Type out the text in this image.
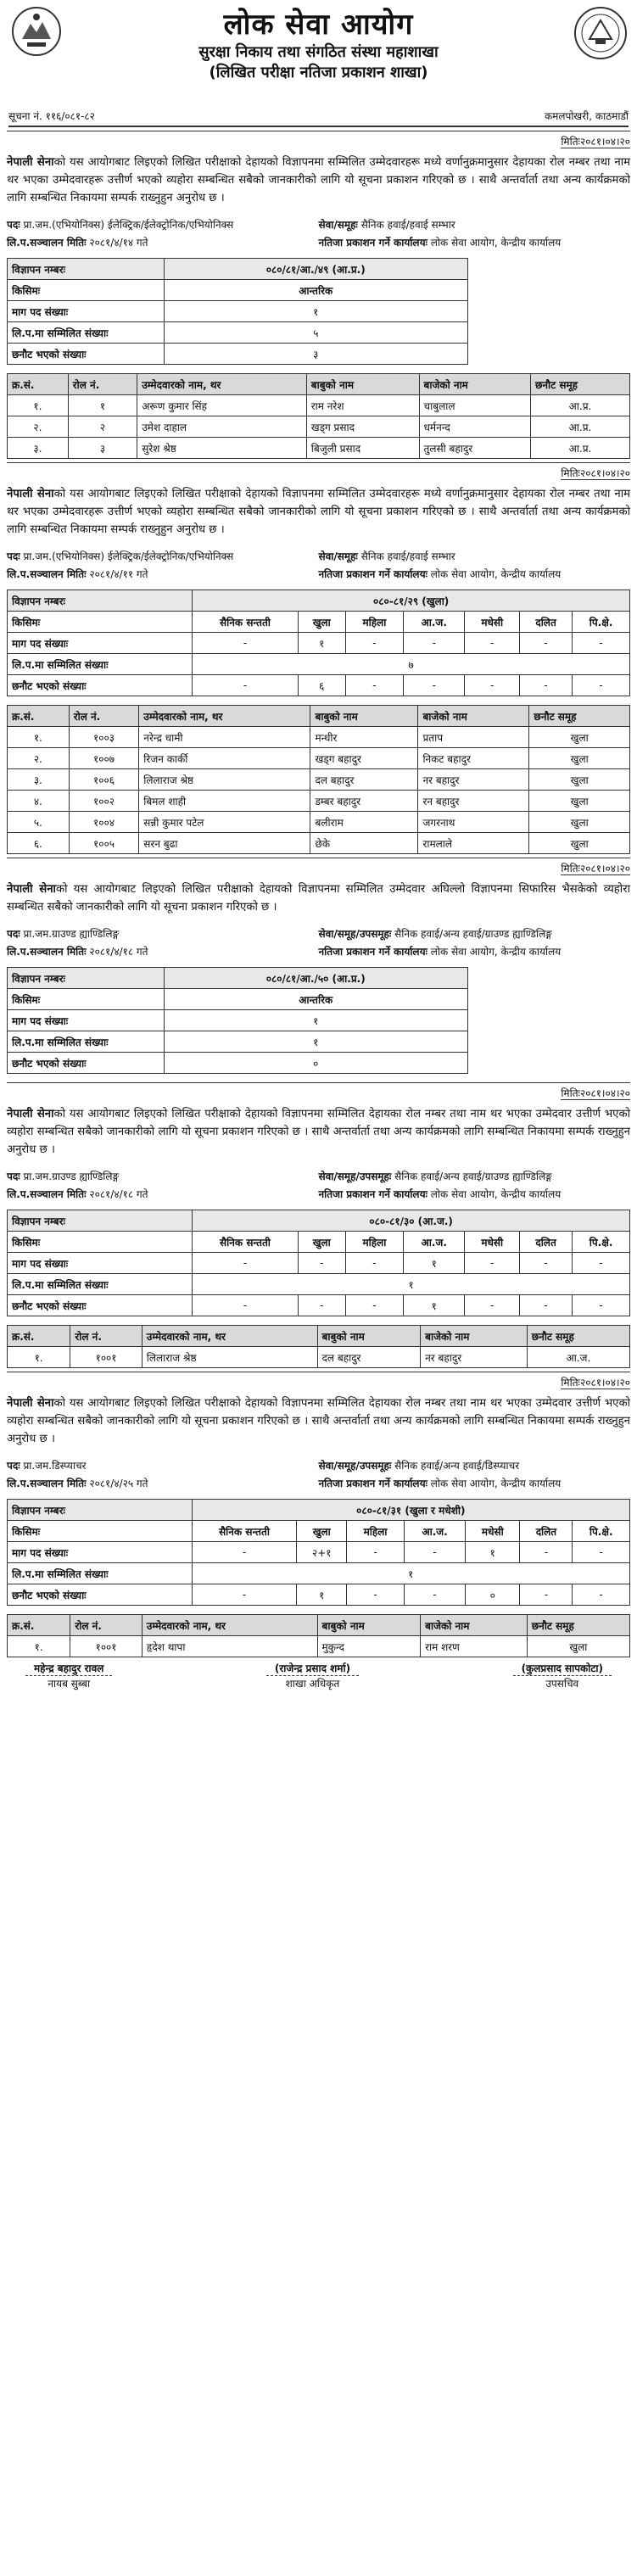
लोक सेवा आयोग
सुरक्षा निकाय तथा संगठित संस्था महाशाखा
(लिखित परीक्षा नतिजा प्रकाशन शाखा)
सूचना नं. ११६/०८१-८२	कमलपोखरी, काठमाडौं
मितिः२०८१।०४।२०
नेपाली सेनाको यस आयोगबाट लिइएको लिखित परीक्षाको देहायको विज्ञापनमा सम्मिलित उम्मेदवारहरू मध्ये वर्णानुक्रमानुसार देहायका रोल नम्बर तथा नाम थर भएका उम्मेदवारहरू उत्तीर्ण भएको व्यहोरा सम्बन्धित सबैको जानकारीको लागि यो सूचना प्रकाशन गरिएको छ । साथै अन्तर्वार्ता तथा अन्य कार्यक्रमको लागि सम्बन्धित निकायमा सम्पर्क राख्नुहुन अनुरोध छ ।
पदः प्रा.जम.(एभियोनिक्स) ईलेक्ट्रिक/ईलेक्ट्रोनिक/एभियोनिक्स	सेवा/समूहः सैनिक हवाई/हवाई सम्भार
लि.प.सञ्चालन मितिः २०८१/४/१४ गते	नतिजा प्रकाशन गर्ने कार्यालयः लोक सेवा आयोग, केन्द्रीय कार्यालय
विज्ञापन नम्बरः	०८०/८१/आ./४९ (आ.प्र.)
किसिमः	आन्तरिक
माग पद संख्याः	१
लि.प.मा सम्मिलित संख्याः	५
छनौट भएको संख्याः	३
क्र.सं.	रोल नं.	उम्मेदवारको नाम, थर	बाबुको नाम	बाजेको नाम	छनौट समूह
१.	१	अरूण कुमार सिंह	राम नरेश	चाबुलाल	आ.प्र.
२.	२	उमेश दाहाल	खड्ग प्रसाद	धर्मनन्द	आ.प्र.
३.	३	सुरेश श्रेष्ठ	बिजुली प्रसाद	तुलसी बहादुर	आ.प्र.
मितिः२०८१।०४।२०
नेपाली सेनाको यस आयोगबाट लिइएको लिखित परीक्षाको देहायको विज्ञापनमा सम्मिलित उम्मेदवारहरू मध्ये वर्णानुक्रमानुसार देहायका रोल नम्बर तथा नाम थर भएका उम्मेदवारहरू उत्तीर्ण भएको व्यहोरा सम्बन्धित सबैको जानकारीको लागि यो सूचना प्रकाशन गरिएको छ । साथै अन्तर्वार्ता तथा अन्य कार्यक्रमको लागि सम्बन्धित निकायमा सम्पर्क राख्नुहुन अनुरोध छ ।
पदः प्रा.जम.(एभियोनिक्स) ईलेक्ट्रिक/ईलेक्ट्रोनिक/एभियोनिक्स	सेवा/समूहः सैनिक हवाई/हवाई सम्भार
लि.प.सञ्चालन मितिः २०८१/४/११ गते	नतिजा प्रकाशन गर्ने कार्यालयः लोक सेवा आयोग, केन्द्रीय कार्यालय
विज्ञापन नम्बरः	०८०-८१/२९ (खुला)						
किसिमः	सैनिक सन्तती	खुला	महिला	आ.ज.	मधेसी	दलित	पि.क्षे.
माग पद संख्याः	-	१	-	-	-	-	-
लि.प.मा सम्मिलित संख्याः	७						
छनौट भएको संख्याः	-	६	-	-	-	-	-
क्र.सं.	रोल नं.	उम्मेदवारको नाम, थर	बाबुको नाम	बाजेको नाम	छनौट समूह
१.	१००३	नरेन्द्र धामी	मन्धीर	प्रताप	खुला
२.	१००७	रिजन कार्की	खड्ग बहादुर	निकट बहादुर	खुला
३.	१००६	लिलाराज श्रेष्ठ	दल बहादुर	नर बहादुर	खुला
४.	१००२	बिमल शाही	डम्बर बहादुर	रन बहादुर	खुला
५.	१००४	सन्नी कुमार पटेल	बलीराम	जगरनाथ	खुला
६.	१००५	सरन बुढा	छेके	रामलाले	खुला
मितिः२०८१।०४।२०
नेपाली सेनाको यस आयोगबाट लिइएको लिखित परीक्षाको देहायको विज्ञापनमा सम्मिलित उम्मेदवार अघिल्लो विज्ञापनमा सिफारिस भैसकेको व्यहोरा सम्बन्धित सबैको जानकारीको लागि यो सूचना प्रकाशन गरिएको छ ।
पदः प्रा.जम.ग्राउण्ड ह्याण्डिलिङ्ग	सेवा/समूह/उपसमूहः सैनिक हवाई/अन्य हवाई/ग्राउण्ड ह्याण्डिलिङ्ग
लि.प.सञ्चालन मितिः २०८१/४/१८ गते	नतिजा प्रकाशन गर्ने कार्यालयः लोक सेवा आयोग, केन्द्रीय कार्यालय
विज्ञापन नम्बरः	०८०/८१/आ./५० (आ.प्र.)
किसिमः	आन्तरिक
माग पद संख्याः	१
लि.प.मा सम्मिलित संख्याः	१
छनौट भएको संख्याः	०
मितिः२०८१।०४।२०
नेपाली सेनाको यस आयोगबाट लिइएको लिखित परीक्षाको देहायको विज्ञापनमा सम्मिलित देहायका रोल नम्बर तथा नाम थर भएका उम्मेदवार उत्तीर्ण भएको व्यहोरा सम्बन्धित सबैको जानकारीको लागि यो सूचना प्रकाशन गरिएको छ । साथै अन्तर्वार्ता तथा अन्य कार्यक्रमको लागि सम्बन्धित निकायमा सम्पर्क राख्नुहुन अनुरोध छ ।
पदः प्रा.जम.ग्राउण्ड ह्याण्डिलिङ्ग	सेवा/समूह/उपसमूहः सैनिक हवाई/अन्य हवाई/ग्राउण्ड ह्याण्डिलिङ्ग
लि.प.सञ्चालन मितिः २०८१/४/१८ गते	नतिजा प्रकाशन गर्ने कार्यालयः लोक सेवा आयोग, केन्द्रीय कार्यालय
विज्ञापन नम्बरः	०८०-८१/३० (आ.ज.)						
किसिमः	सैनिक सन्तती	खुला	महिला	आ.ज.	मधेसी	दलित	पि.क्षे.
माग पद संख्याः	-	-	-	१	-	-	-
लि.प.मा सम्मिलित संख्याः	१						
छनौट भएको संख्याः	-	-	-	१	-	-	-
क्र.सं.	रोल नं.	उम्मेदवारको नाम, थर	बाबुको नाम	बाजेको नाम	छनौट समूह
१.	१००१	लिलाराज श्रेष्ठ	दल बहादुर	नर बहादुर	आ.ज.
मितिः२०८१।०४।२०
नेपाली सेनाको यस आयोगबाट लिइएको लिखित परीक्षाको देहायको विज्ञापनमा सम्मिलित देहायका रोल नम्बर तथा नाम थर भएका उम्मेदवार उत्तीर्ण भएको व्यहोरा सम्बन्धित सबैको जानकारीको लागि यो सूचना प्रकाशन गरिएको छ । साथै अन्तर्वार्ता तथा अन्य कार्यक्रमको लागि सम्बन्धित निकायमा सम्पर्क राख्नुहुन अनुरोध छ ।
पदः प्रा.जम.डिस्प्याचर	सेवा/समूह/उपसमूहः सैनिक हवाई/अन्य हवाई/डिस्प्याचर
लि.प.सञ्चालन मितिः २०८१/४/२५ गते	नतिजा प्रकाशन गर्ने कार्यालयः लोक सेवा आयोग, केन्द्रीय कार्यालय
विज्ञापन नम्बरः	०८०-८१/३१ (खुला र मधेशी)						
किसिमः	सैनिक सन्तती	खुला	महिला	आ.ज.	मधेसी	दलित	पि.क्षे.
माग पद संख्याः	-	२+१	-	-	१	-	-
लि.प.मा सम्मिलित संख्याः	१						
छनौट भएको संख्याः	-	१	-	-	०	-	-
क्र.सं.	रोल नं.	उम्मेदवारको नाम, थर	बाबुको नाम	बाजेको नाम	छनौट समूह
१.	१००१	हृदेश थापा	मुकुन्द	राम शरण	खुला
महेन्द्र बहादुर रावल
नायब सुब्बा
(राजेन्द्र प्रसाद शर्मा)
शाखा अधिकृत
(कुलप्रसाद सापकोटा)
उपसचिव
